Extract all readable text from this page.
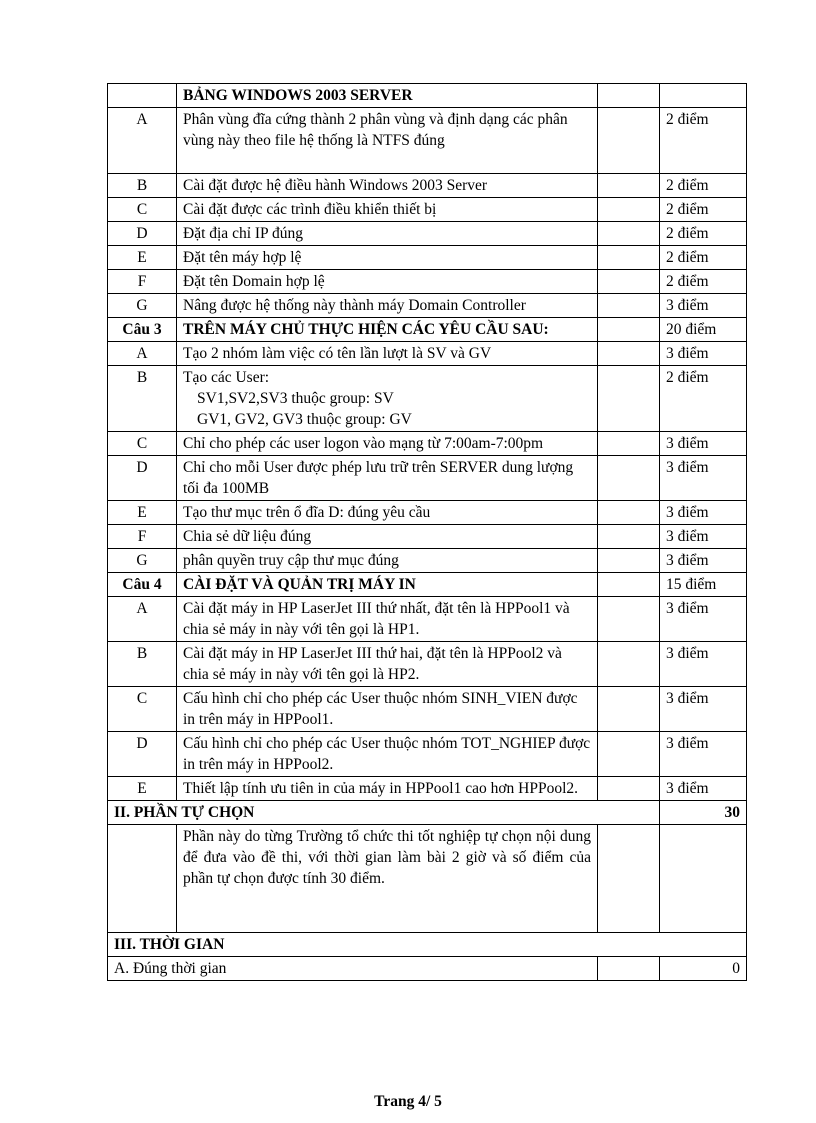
	BẢNG WINDOWS 2003 SERVER		
A	Phân vùng đĩa cứng thành 2 phân vùng và định dạng các phân vùng này theo file hệ thống là NTFS đúng		2 điểm
B	Cài đặt được hệ điều hành Windows 2003 Server		2 điểm
C	Cài đặt được các trình điều khiển thiết bị		2 điểm
D	Đặt địa chỉ IP đúng		2 điểm
E	Đặt tên máy hợp lệ		2 điểm
F	Đặt tên Domain hợp lệ		2 điểm
G	Nâng được hệ thống này thành máy Domain Controller		3 điểm
Câu 3	TRÊN MÁY CHỦ THỰC HIỆN CÁC YÊU CẦU SAU:		20 điểm
A	Tạo 2 nhóm làm việc có tên lần lượt là SV và GV		3 điểm
B	Tạo các User:
SV1,SV2,SV3 thuộc group: SV
GV1, GV2, GV3 thuộc group: GV		2 điểm
C	Chỉ cho phép các user logon vào mạng từ 7:00am-7:00pm		3 điểm
D	Chỉ cho mỗi User được phép lưu trữ trên SERVER dung lượng tối đa 100MB		3 điểm
E	Tạo thư mục trên ổ đĩa D: đúng yêu cầu		3 điểm
F	Chia sẻ dữ liệu đúng		3 điểm
G	phân quyền truy cập thư mục đúng		3 điểm
Câu 4	CÀI ĐẶT VÀ QUẢN TRỊ MÁY IN		15 điểm
A	Cài đặt máy in HP LaserJet III thứ nhất, đặt tên là HPPool1 và chia sẻ máy in này với tên gọi là HP1.		3 điểm
B	Cài đặt máy in HP LaserJet III thứ hai, đặt tên là HPPool2 và chia sẻ máy in này với tên gọi là HP2.		3 điểm
C	Cấu hình chỉ cho phép các User thuộc nhóm SINH_VIEN được in trên máy in HPPool1.		3 điểm
D	Cấu hình chỉ cho phép các User thuộc nhóm TOT_NGHIEP được in trên máy in HPPool2.		3 điểm
E	Thiết lập tính ưu tiên in của máy in HPPool1 cao hơn HPPool2.		3 điểm
II. PHẦN TỰ CHỌN			30
	Phần này do từng Trường tổ chức thi tốt nghiệp tự chọn nội dung để đưa vào đề thi, với thời gian làm bài 2 giờ và số điểm của phần tự chọn được tính 30 điểm.		
III. THỜI GIAN			
A. Đúng thời gian			0
Trang 4/ 5
